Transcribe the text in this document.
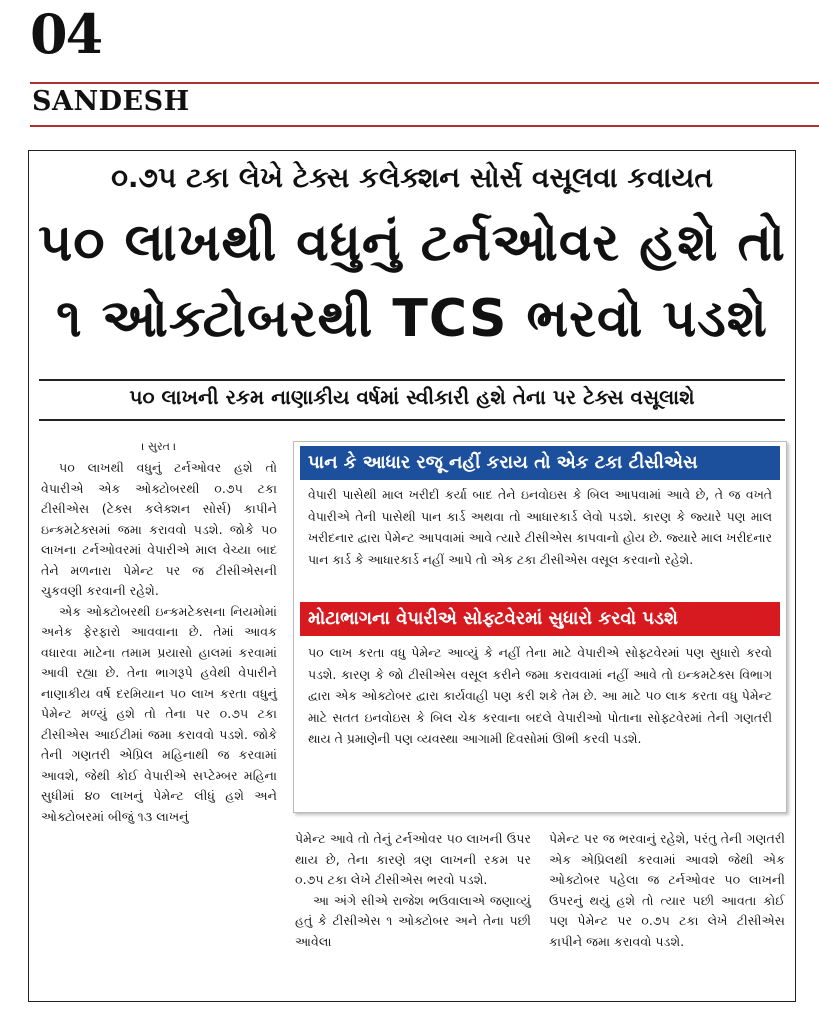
04
SANDESH
૦.૭૫ ટકા લેખે ટેક્સ કલેક્શન સોર્સ વસૂલવા કવાયત
૫૦ લાખથી વધુનું ટર્નઓવર હશે તો
૧ ઓક્ટોબરથી TCS ભરવો પડશે
૫૦ લાખની રકમ નાણાકીય વર્ષમાં સ્વીકારી હશે તેના પર ટેક્સ વસૂલાશે
। સુરત ।

૫૦ લાખથી વધુનું ટર્નઓવર હશે તો વેપારીએ એક ઓક્ટોબરથી ૦.૭૫ ટકા ટીસીએસ (ટેક્સ કલેક્શન સોર્સ) કાપીને ઇન્કમટેક્સમાં જમા કરાવવો પડશે. જોકે ૫૦ લાખના ટર્નઓવરમાં વેપારીએ માલ વેચ્યા બાદ તેને મળનારા પેમેન્ટ પર જ ટીસીએસની ચુકવણી કરવાની રહેશે.

એક ઓક્ટોબરથી ઇન્કમટેક્સના નિયમોમાં અનેક ફેરફારો આવવાના છે. તેમાં આવક વધારવા માટેના તમામ પ્રયાસો હાલમાં કરવામાં આવી રહ્યા છે. તેના ભાગરૂપે હવેથી વેપારીને નાણાકીય વર્ષ દરમિયાન ૫૦ લાખ કરતા વધુનું પેમેન્ટ મળ્યું હશે તો તેના પર ૦.૭૫ ટકા ટીસીએસ આઈટીમાં જમા કરાવવો પડશે. જોકે તેની ગણતરી એપ્રિલ મહિનાથી જ કરવામાં આવશે, જેથી કોઈ વેપારીએ સપ્ટેમ્બર મહિના સુધીમાં ૪૦ લાખનું પેમેન્ટ લીધું હશે અને ઓક્ટોબરમાં બીજું ૧૩ લાખનું

પાન કે આધાર રજૂ નહીં કરાય તો એક ટકા ટીસીએસ
વેપારી પાસેથી માલ ખરીદી કર્યા બાદ તેને ઇનવોઇસ કે બિલ આપવામાં આવે છે, તે જ વખતે વેપારીએ તેની પાસેથી પાન કાર્ડ અથવા તો આધારકાર્ડ લેવો પડશે. કારણ કે જ્યારે પણ માલ ખરીદનાર દ્વારા પેમેન્ટ આપવામાં આવે ત્યારે ટીસીએસ કાપવાનો હોય છે. જ્યારે માલ ખરીદનાર પાન કાર્ડ કે આધારકાર્ડ નહીં આપે તો એક ટકા ટીસીએસ વસૂલ કરવાનો રહેશે.
મોટાભાગના વેપારીએ સોફ્ટવેરમાં સુધારો કરવો પડશે
૫૦ લાખ કરતા વધુ પેમેન્ટ આવ્યું કે નહીં તેના માટે વેપારીએ સોફ્ટવેરમાં પણ સુધારો કરવો પડશે. કારણ કે જો ટીસીએસ વસૂલ કરીને જમા કરાવવામાં નહીં આવે તો ઇન્કમટેક્સ વિભાગ દ્વારા એક ઓક્ટોબર દ્વારા કાર્યવાહી પણ કરી શકે તેમ છે. આ માટે ૫૦ લાક કરતા વધુ પેમેન્ટ માટે સતત ઇનવોઇસ કે બિલ ચેક કરવાના બદલે વેપારીઓ પોતાના સોફ્ટવેરમાં તેની ગણતરી થાય તે પ્રમાણેની પણ વ્યવસ્થા આગામી દિવસોમાં ઊભી કરવી પડશે.

પેમેન્ટ આવે તો તેનું ટર્નઓવર ૫૦ લાખની ઉપર થાય છે, તેના કારણે ત્રણ લાખની રકમ પર ૦.૭૫ ટકા લેખે ટીસીએસ ભરવો પડશે.

આ અંગે સીએ રાજેશ ભઉવાલાએ જણાવ્યું હતું કે ટીસીએસ ૧ ઓક્ટોબર અને તેના પછી આવેલા

પેમેન્ટ પર જ ભરવાનું રહેશે, પરંતુ તેની ગણતરી એક એપ્રિલથી કરવામાં આવશે જેથી એક ઓક્ટોબર પહેલા જ ટર્નઓવર ૫૦ લાખની ઉપરનું થયું હશે તો ત્યાર પછી આવતા કોઈ પણ પેમેન્ટ પર ૦.૭૫ ટકા લેખે ટીસીએસ કાપીને જમા કરાવવો પડશે.
